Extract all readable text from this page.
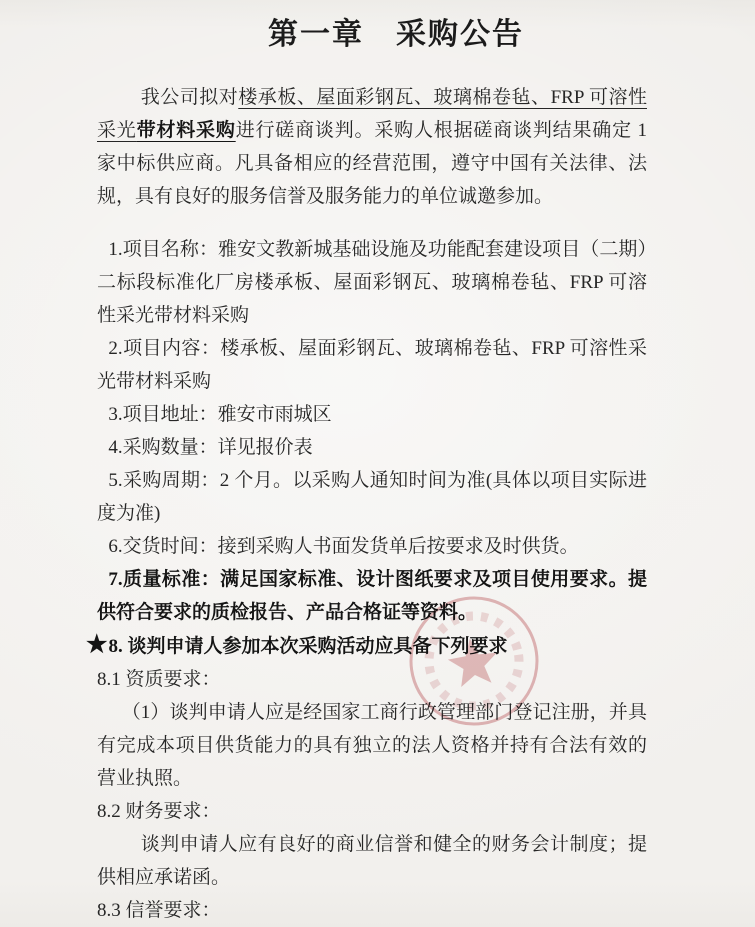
第一章　采购公告

我公司拟对楼承板、屋面彩钢瓦、玻璃棉卷毡、FRP 可溶性采光带材料采购进行磋商谈判。采购人根据磋商谈判结果确定 1 家中标供应商。凡具备相应的经营范围，遵守中国有关法律、法规，具有良好的服务信誉及服务能力的单位诚邀参加。

1.项目名称：雅安文教新城基础设施及功能配套建设项目（二期）二标段标准化厂房楼承板、屋面彩钢瓦、玻璃棉卷毡、FRP 可溶性采光带材料采购

2.项目内容：楼承板、屋面彩钢瓦、玻璃棉卷毡、FRP 可溶性采光带材料采购

3.项目地址：雅安市雨城区

4.采购数量：详见报价表

5.采购周期：2 个月。以采购人通知时间为准(具体以项目实际进度为准)

6.交货时间：接到采购人书面发货单后按要求及时供货。

7.质量标准：满足国家标准、设计图纸要求及项目使用要求。提供符合要求的质检报告、产品合格证等资料。

★8. 谈判申请人参加本次采购活动应具备下列要求

8.1 资质要求：

（1）谈判申请人应是经国家工商行政管理部门登记注册，并具有完成本项目供货能力的具有独立的法人资格并持有合法有效的营业执照。

8.2 财务要求：

谈判申请人应有良好的商业信誉和健全的财务会计制度；提供相应承诺函。

8.3 信誉要求：
